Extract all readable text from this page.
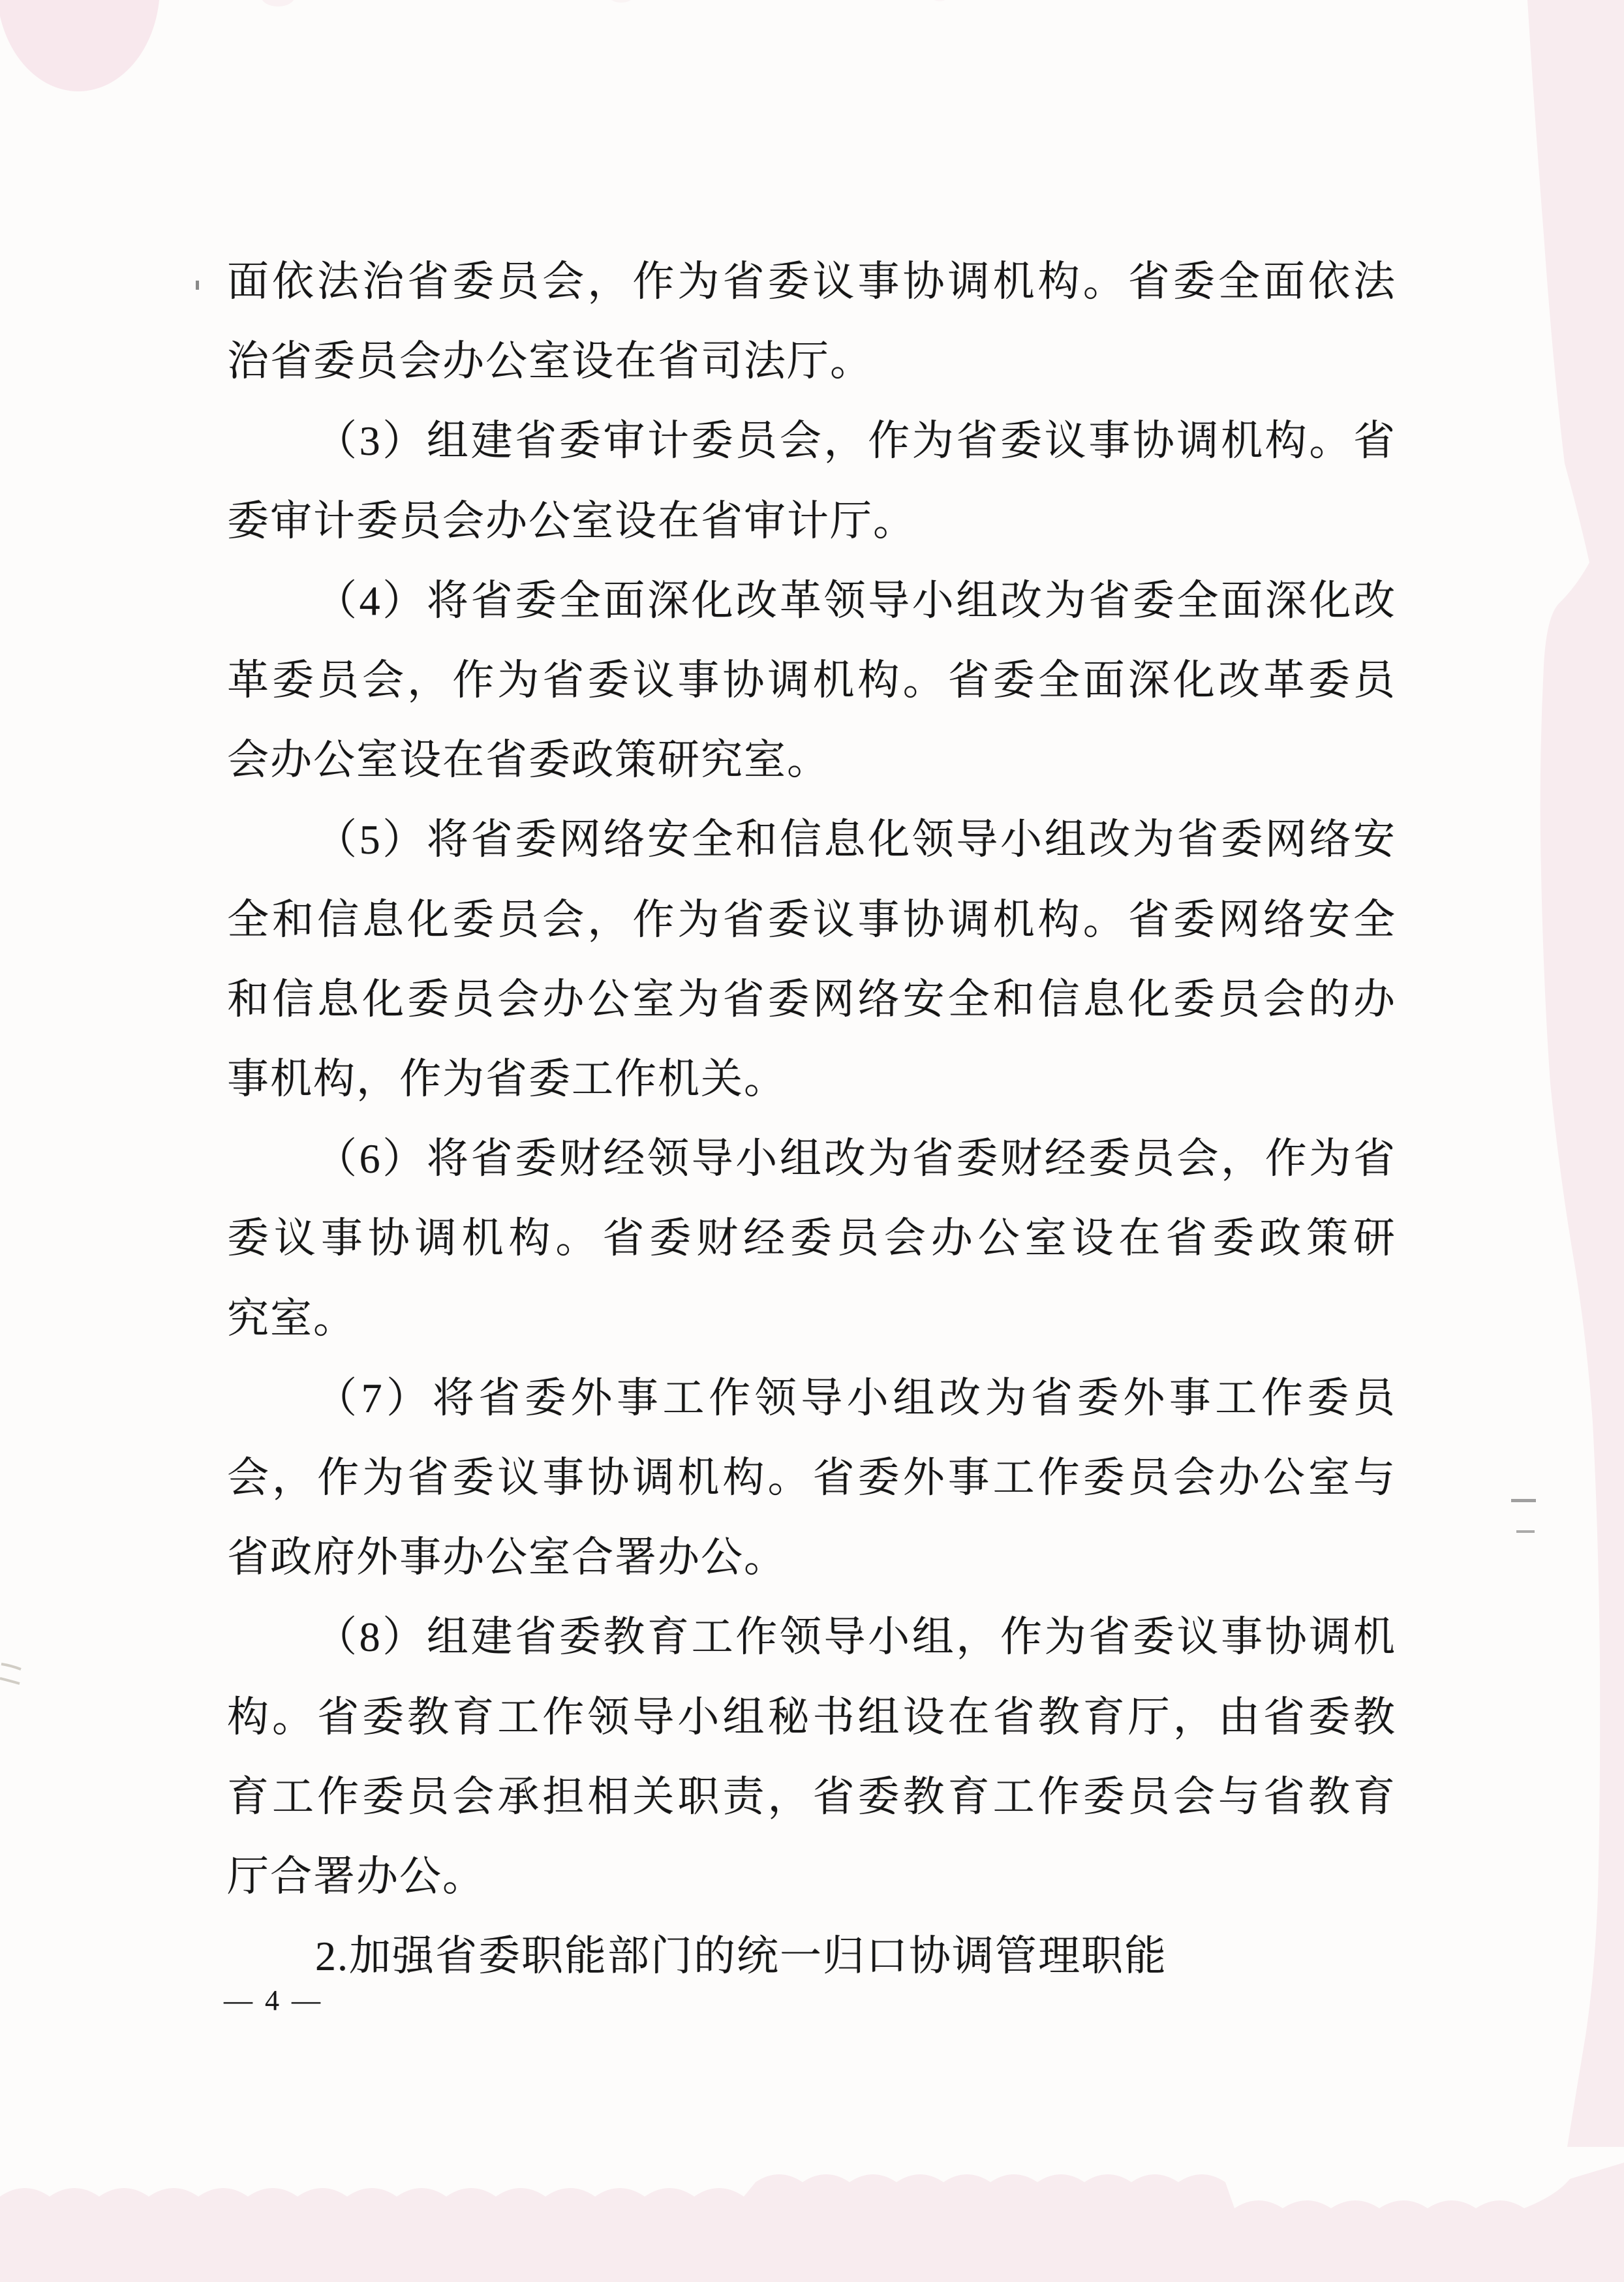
面依法治省委员会，作为省委议事协调机构。省委全面依法
治省委员会办公室设在省司法厅。
（3）组建省委审计委员会，作为省委议事协调机构。省
委审计委员会办公室设在省审计厅。
（4）将省委全面深化改革领导小组改为省委全面深化改
革委员会，作为省委议事协调机构。省委全面深化改革委员
会办公室设在省委政策研究室。
（5）将省委网络安全和信息化领导小组改为省委网络安
全和信息化委员会，作为省委议事协调机构。省委网络安全
和信息化委员会办公室为省委网络安全和信息化委员会的办
事机构，作为省委工作机关。
（6）将省委财经领导小组改为省委财经委员会，作为省
委议事协调机构。省委财经委员会办公室设在省委政策研
究室。
（7）将省委外事工作领导小组改为省委外事工作委员
会，作为省委议事协调机构。省委外事工作委员会办公室与
省政府外事办公室合署办公。
（8）组建省委教育工作领导小组，作为省委议事协调机
构。省委教育工作领导小组秘书组设在省教育厅，由省委教
育工作委员会承担相关职责，省委教育工作委员会与省教育
厅合署办公。
2.加强省委职能部门的统一归口协调管理职能
— 4 —
